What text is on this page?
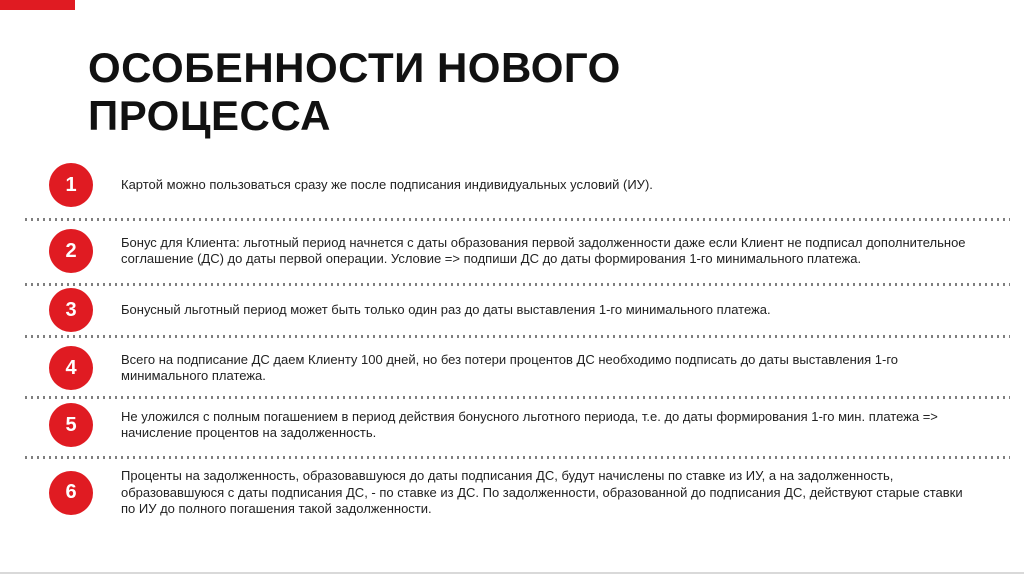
ОСОБЕННОСТИ НОВОГО
ПРОЦЕССА
1	Картой можно пользоваться сразу же после подписания индивидуальных условий (ИУ).
2	Бонус для Клиента: льготный период начнется с даты образования первой задолженности даже если Клиент не подписал дополнительное соглашение (ДС) до даты первой операции. Условие => подпиши ДС до даты формирования 1-го минимального платежа.
3	Бонусный льготный период может быть только один раз до даты выставления 1-го минимального платежа.
4	Всего на подписание ДС даем Клиенту 100 дней, но без потери процентов ДС необходимо подписать до даты выставления 1-го минимального платежа.
5	Не уложился с полным погашением в период действия бонусного льготного периода, т.е. до даты формирования 1-го мин. платежа => начисление процентов на задолженность.
6
Проценты на задолженность, образовавшуюся до даты подписания ДС, будут начислены по ставке из ИУ, а на задолженность, образовавшуюся с даты подписания ДС, - по ставке из ДС. По задолженности, образованной до подписания ДС, действуют старые ставки по ИУ до полного погашения такой задолженности.
